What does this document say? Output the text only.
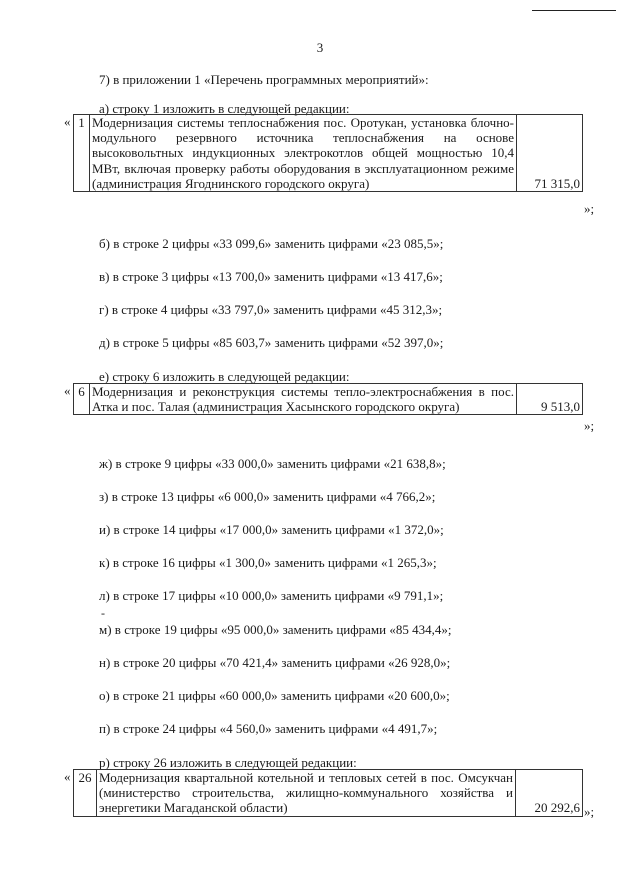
3
7) в приложении 1 «Перечень программных мероприятий»:
а) строку 1 изложить в следующей редакции:
« 1	Модернизация системы теплоснабжения пос. Оротукан, установка блочно-модульного резервного источника теплоснабжения на основе высоковольтных индукционных электрокотлов общей мощностью 10,4 МВт, включая проверку работы оборудования в эксплуатационном режиме (администрация Ягоднинского городского округа)	71 315,0
»;
б) в строке 2 цифры «33 099,6» заменить цифрами «23 085,5»;
в) в строке 3 цифры «13 700,0» заменить цифрами «13 417,6»;
г) в строке 4 цифры «33 797,0» заменить цифрами «45 312,3»;
д) в строке 5 цифры «85 603,7» заменить цифрами «52 397,0»;
е) строку 6 изложить в следующей редакции:
« 6	Модернизация и реконструкция системы тепло-электроснабжения в пос. Атка и пос. Талая (администрация Хасынского городского округа)	9 513,0
»;
ж) в строке 9 цифры «33 000,0» заменить цифрами «21 638,8»;
з) в строке 13 цифры «6 000,0» заменить цифрами «4 766,2»;
и) в строке 14 цифры «17 000,0» заменить цифрами «1 372,0»;
к) в строке 16 цифры «1 300,0» заменить цифрами «1 265,3»;
л) в строке 17 цифры «10 000,0» заменить цифрами «9 791,1»;
-
м) в строке 19 цифры «95 000,0» заменить цифрами «85 434,4»;
н) в строке 20 цифры «70 421,4» заменить цифрами «26 928,0»;
о) в строке 21 цифры «60 000,0» заменить цифрами «20 600,0»;
п) в строке 24 цифры «4 560,0» заменить цифрами «4 491,7»;
р) строку 26 изложить в следующей редакции:
« 26	Модернизация квартальной котельной и тепловых сетей в пос. Омсукчан (министерство строительства, жилищно-коммунального хозяйства и энергетики Магаданской области)	20 292,6 »;
